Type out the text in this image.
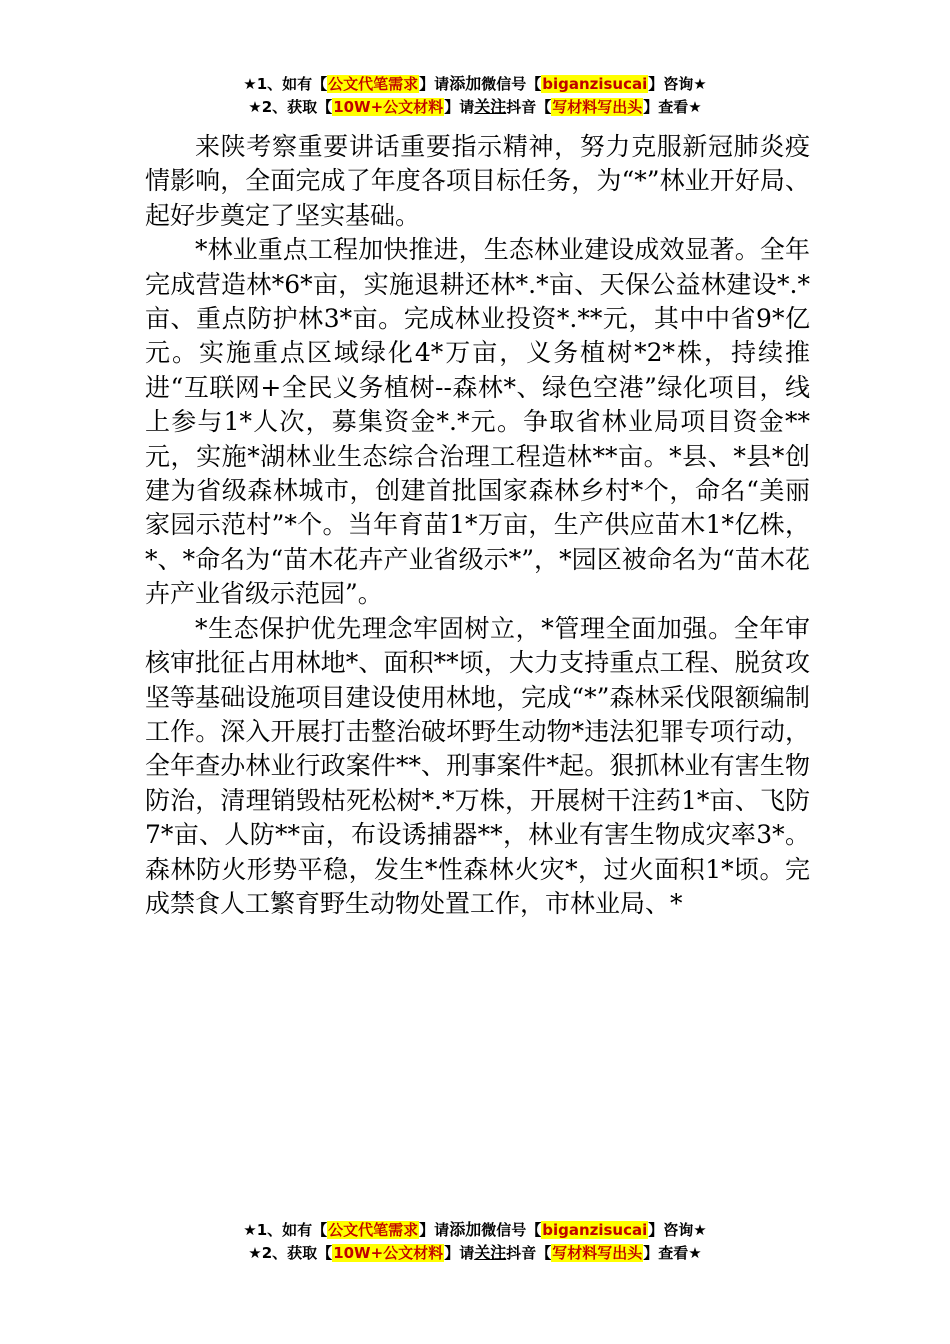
★1、如有【公文代笔需求】请添加微信号【biganzisucai】咨询★
★2、获取【10W+公文材料】请关注抖音【写材料写出头】查看★

来陕考察重要讲话重要指示精神，努力克服新冠肺炎疫情影响，全面完成了年度各项目标任务，为“*”林业开好局、起好步奠定了坚实基础。

*林业重点工程加快推进，生态林业建设成效显著。全年完成营造林*6*亩，实施退耕还林*.*亩、天保公益林建设*.*亩、重点防护林3*亩。完成林业投资*.**元，其中中省9*亿元。实施重点区域绿化4*万亩，义务植树*2*株，持续推进“互联网+全民义务植树--森林*、绿色空港”绿化项目，线上参与1*人次，募集资金*.*元。争取省林业局项目资金**元，实施*湖林业生态综合治理工程造林**亩。*县、*县*创建为省级森林城市，创建首批国家森林乡村*个，命名“美丽家园示范村”*个。当年育苗1*万亩，生产供应苗木1*亿株，*、*命名为“苗木花卉产业省级示*”，*园区被命名为“苗木花卉产业省级示范园”。

*生态保护优先理念牢固树立，*管理全面加强。全年审核审批征占用林地*、面积**顷，大力支持重点工程、脱贫攻坚等基础设施项目建设使用林地，完成“*”森林采伐限额编制工作。深入开展打击整治破坏野生动物*违法犯罪专项行动，全年查办林业行政案件**、刑事案件*起。狠抓林业有害生物防治，清理销毁枯死松树*.*万株，开展树干注药1*亩、飞防7*亩、人防**亩，布设诱捕器**，林业有害生物成灾率3*。森林防火形势平稳，发生*性森林火灾*，过火面积1*顷。完成禁食人工繁育野生动物处置工作，市林业局、*

★1、如有【公文代笔需求】请添加微信号【biganzisucai】咨询★
★2、获取【10W+公文材料】请关注抖音【写材料写出头】查看★
